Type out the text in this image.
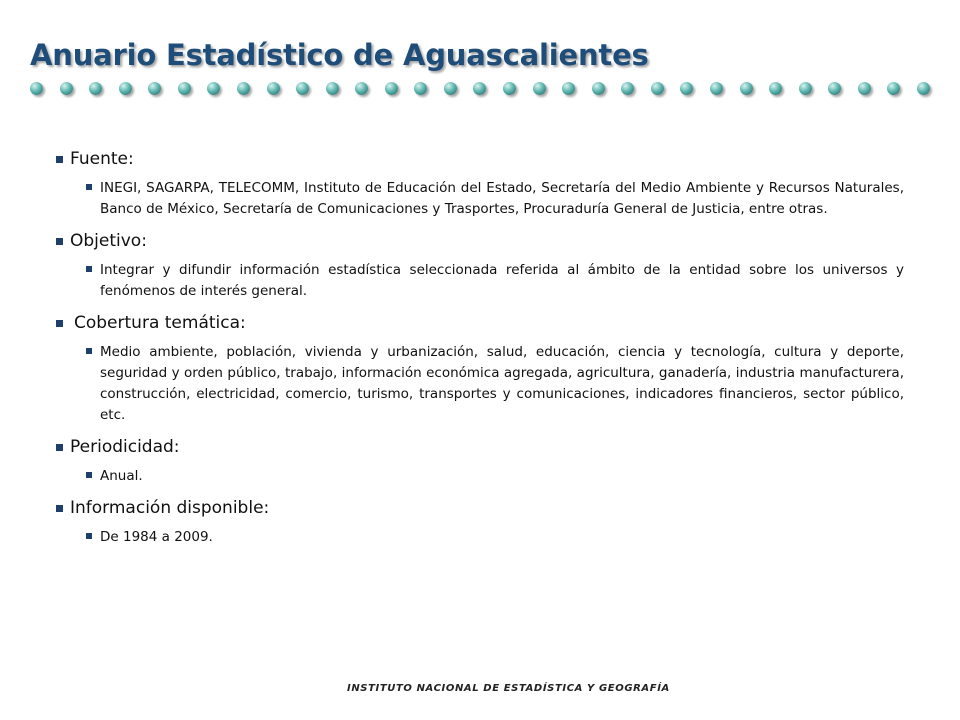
Anuario Estadístico de Aguascalientes
Fuente:
INEGI, SAGARPA, TELECOMM, Instituto de Educación del Estado, Secretaría del Medio Ambiente y Recursos Naturales, Banco de México, Secretaría de Comunicaciones y Trasportes, Procuraduría General de Justicia, entre otras.
Objetivo:
Integrar y difundir información estadística seleccionada referida al ámbito de la entidad sobre los universos y fenómenos de interés general.
Cobertura temática:
Medio ambiente, población, vivienda y urbanización, salud, educación, ciencia y tecnología, cultura y deporte, seguridad y orden público, trabajo, información económica agregada, agricultura, ganadería, industria manufacturera, construcción, electricidad, comercio, turismo, transportes y comunicaciones, indicadores financieros, sector público, etc.
Periodicidad:
Anual.
Información disponible:
De 1984 a 2009.
INSTITUTO NACIONAL DE ESTADÍSTICA Y GEOGRAFÍA
